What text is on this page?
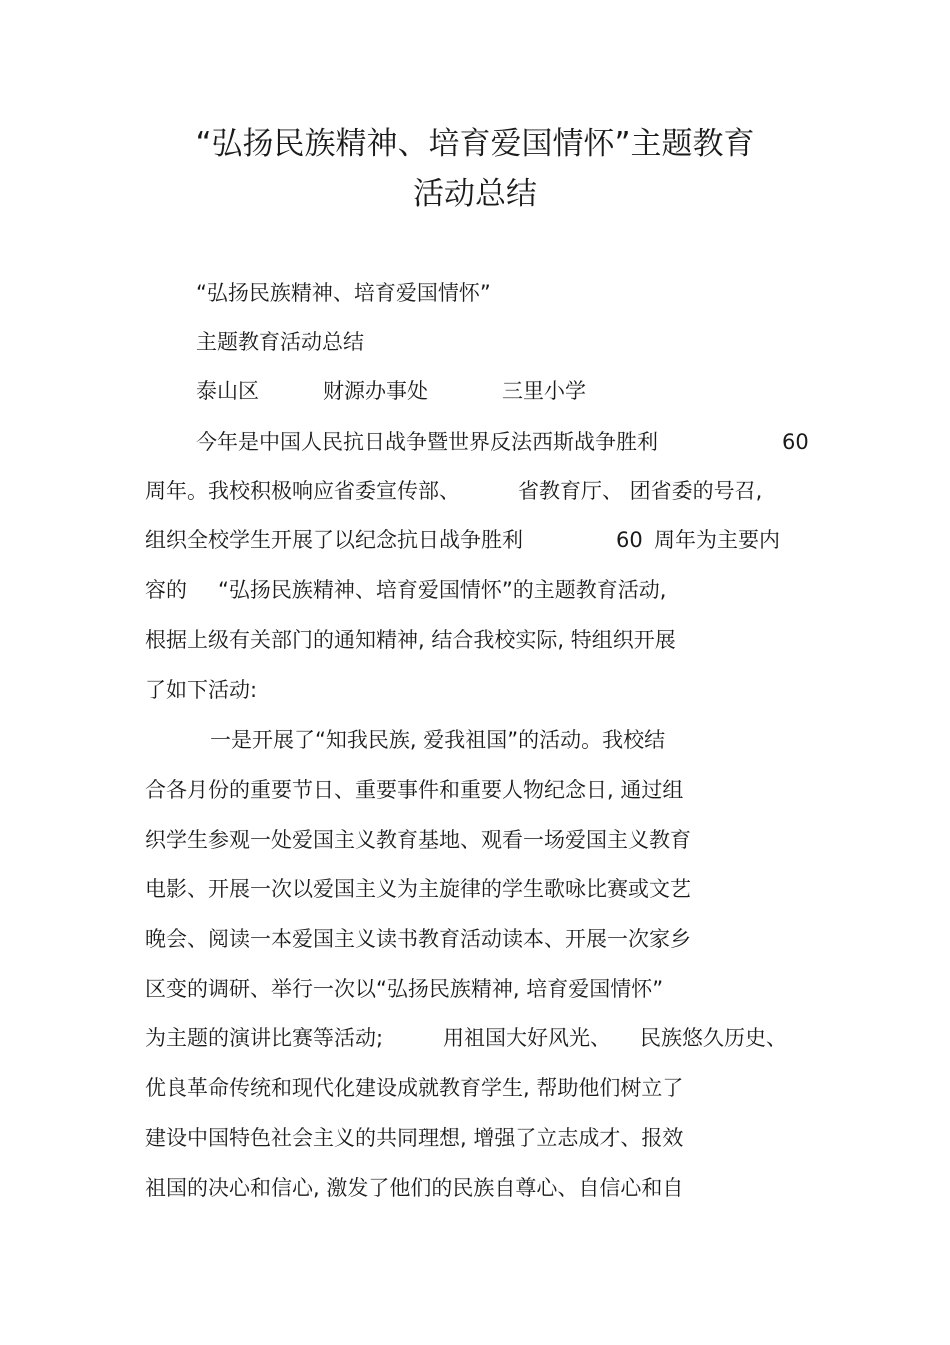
“弘扬民族精神、培育爱国情怀”主题教育
活动总结
“弘扬民族精神、培育爱国情怀”
主题教育活动总结
泰山区	财源办事处	三里小学
今年是中国人民抗日战争暨世界反法西斯战争胜利	60
周年。我校积极响应省委宣传部、	省教育厅、 团省委的号召,
组织全校学生开展了以纪念抗日战争胜利	60 周年为主要内
容的 “弘扬民族精神、培育爱国情怀”的主题教育活动,
根据上级有关部门的通知精神, 结合我校实际, 特组织开展
了如下活动:
一是开展了“知我民族, 爱我祖国”的活动。我校结
合各月份的重要节日、重要事件和重要人物纪念日, 通过组
织学生参观一处爱国主义教育基地、观看一场爱国主义教育
电影、开展一次以爱国主义为主旋律的学生歌咏比赛或文艺
晚会、阅读一本爱国主义读书教育活动读本、开展一次家乡
区变的调研、举行一次以“弘扬民族精神, 培育爱国情怀”
为主题的演讲比赛等活动;	用祖国大好风光、 民族悠久历史、
优良革命传统和现代化建设成就教育学生, 帮助他们树立了
建设中国特色社会主义的共同理想, 增强了立志成才、报效
祖国的决心和信心, 激发了他们的民族自尊心、自信心和自
